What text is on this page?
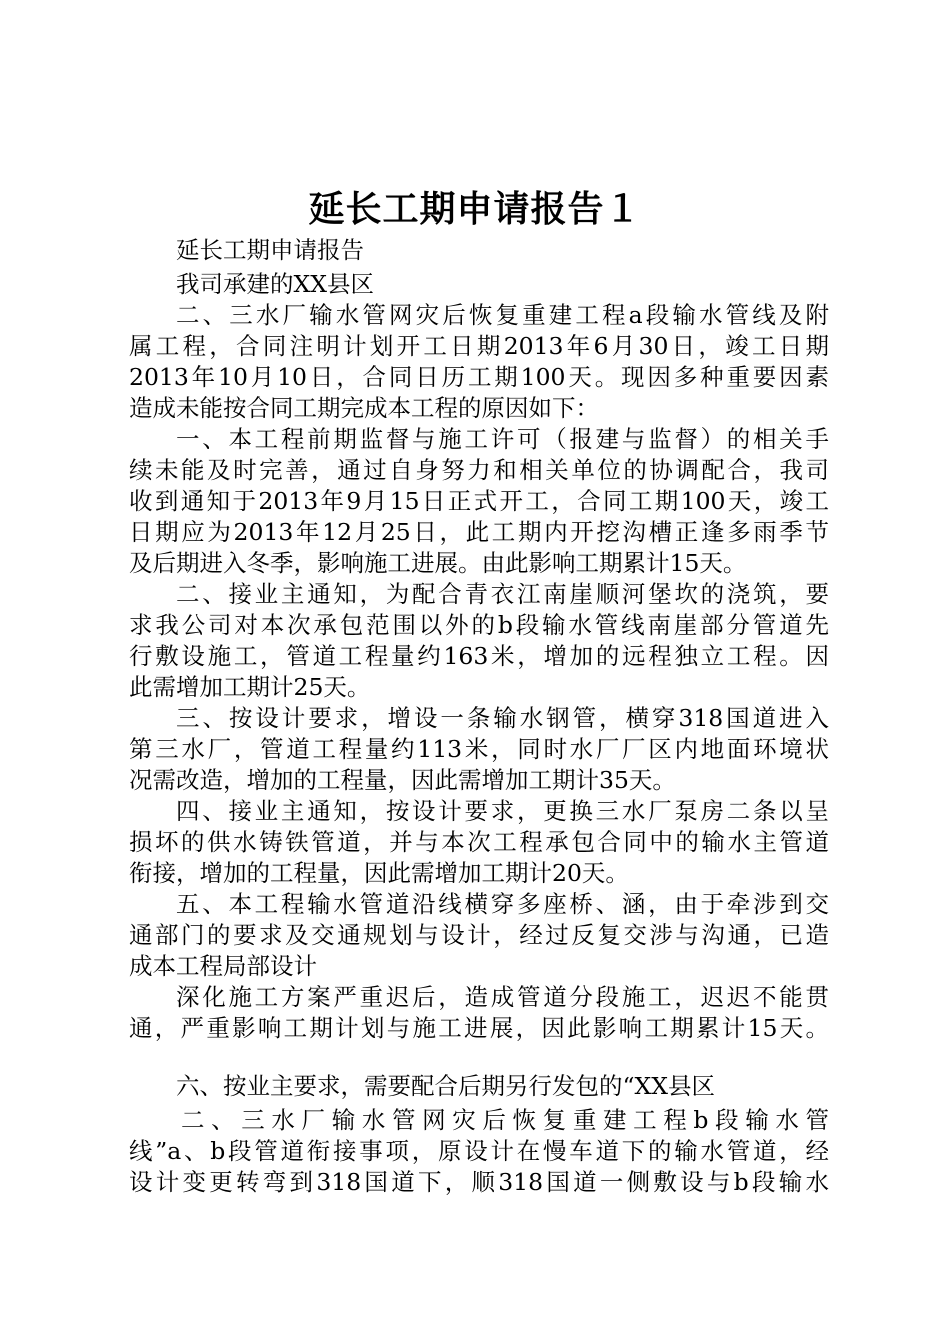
延长工期申请报告１
延长工期申请报告
我司承建的XX县区
二、三水厂输水管网灾后恢复重建工程a段输水管线及附
属工程，合同注明计划开工日期2013年6月30日，竣工日期
2013年10月10日，合同日历工期100天。现因多种重要因素
造成未能按合同工期完成本工程的原因如下：
一、本工程前期监督与施工许可（报建与监督）的相关手
续未能及时完善，通过自身努力和相关单位的协调配合，我司
收到通知于2013年9月15日正式开工，合同工期100天，竣工
日期应为2013年12月25日，此工期内开挖沟槽正逢多雨季节
及后期进入冬季，影响施工进展。由此影响工期累计15天。
二、接业主通知，为配合青衣江南崖顺河堡坎的浇筑，要
求我公司对本次承包范围以外的b段输水管线南崖部分管道先
行敷设施工，管道工程量约163米，增加的远程独立工程。因
此需增加工期计25天。
三、按设计要求，增设一条输水钢管，横穿318国道进入
第三水厂，管道工程量约113米，同时水厂厂区内地面环境状
况需改造，增加的工程量，因此需增加工期计35天。
四、接业主通知，按设计要求，更换三水厂泵房二条以呈
损坏的供水铸铁管道，并与本次工程承包合同中的输水主管道
衔接，增加的工程量，因此需增加工期计20天。
五、本工程输水管道沿线横穿多座桥、涵，由于牵涉到交
通部门的要求及交通规划与设计，经过反复交涉与沟通，已造
成本工程局部设计
深化施工方案严重迟后，造成管道分段施工，迟迟不能贯
通，严重影响工期计划与施工进展，因此影响工期累计15天。
六、按业主要求，需要配合后期另行发包的“XX县区
二、三水厂输水管网灾后恢复重建工程b段输水管
线”a、b段管道衔接事项，原设计在慢车道下的输水管道，经
设计变更转弯到318国道下，顺318国道一侧敷设与b段输水
